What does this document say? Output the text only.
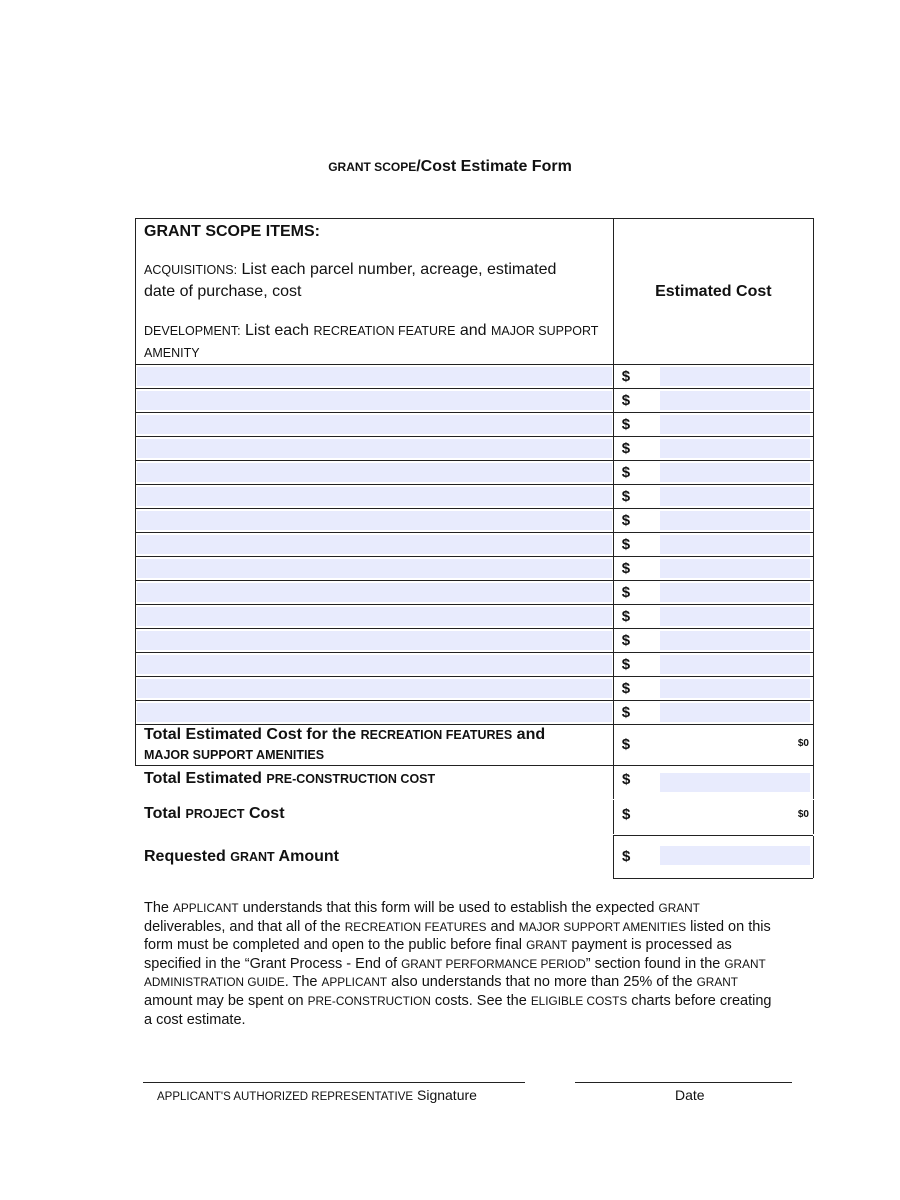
GRANT SCOPE/Cost Estimate Form
GRANT SCOPE ITEMS:
ACQUISITIONS: List each parcel number, acreage, estimated
date of purchase, cost
DEVELOPMENT: List each RECREATION FEATURE and MAJOR SUPPORT AMENITY	Estimated Cost

	$

	$

	$

	$

	$

	$

	$

	$

	$

	$

	$

	$

	$

	$

	$

Total Estimated Cost for the RECREATION FEATURES and
MAJOR SUPPORT AMENITIES	$ $0
Total Estimated PRE-CONSTRUCTION COST	$
Total PROJECT Cost	$	$0
Requested GRANT Amount	$
The APPLICANT understands that this form will be used to establish the expected GRANT deliverables, and that all of the RECREATION FEATURES and MAJOR SUPPORT AMENITIES listed on this form must be completed and open to the public before final GRANT payment is processed as specified in the “Grant Process - End of GRANT PERFORMANCE PERIOD” section found in the GRANT ADMINISTRATION GUIDE. The APPLICANT also understands that no more than 25% of the GRANT amount may be spent on PRE-CONSTRUCTION costs. See the ELIGIBLE COSTS charts before creating a cost estimate.
APPLICANT'S AUTHORIZED REPRESENTATIVE Signature	Date
